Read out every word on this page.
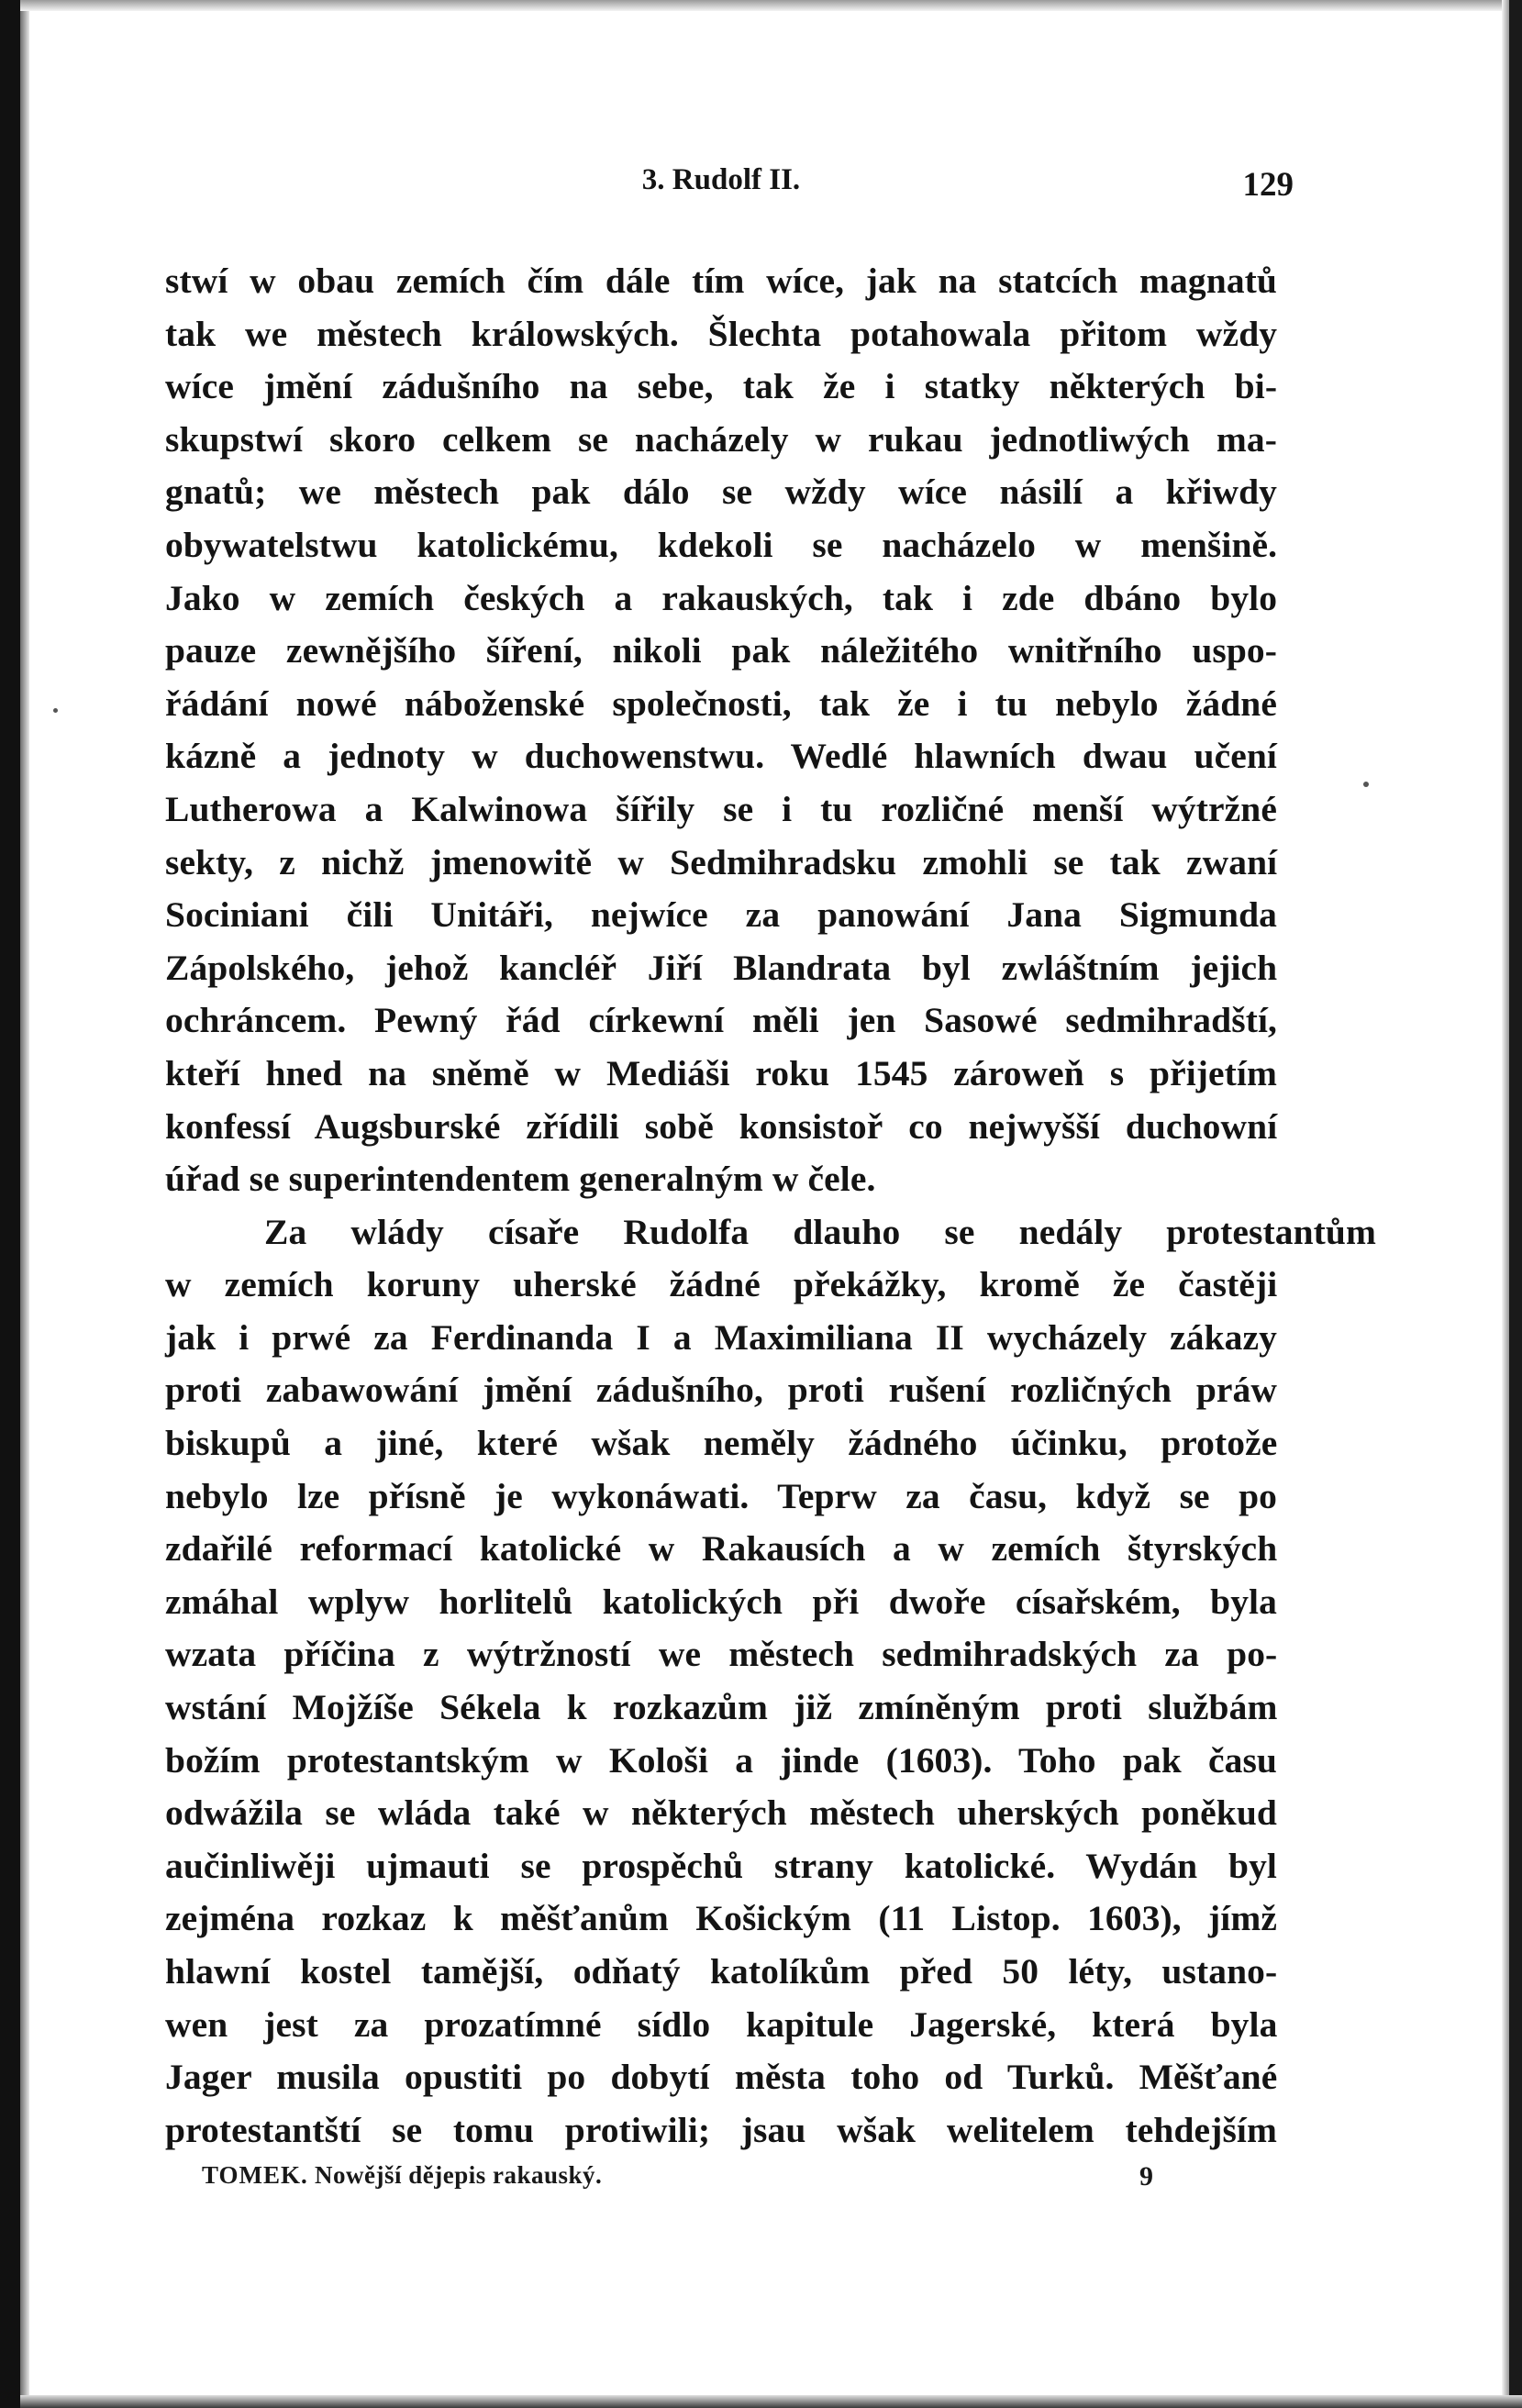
3. Rudolf II.	129
stwí w obau zemích čím dále tím wíce, jak na statcích magnatů
tak we městech králowských. Šlechta potahowala přitom wždy
wíce jmění zádušního na sebe, tak že i statky některých bi-
skupstwí skoro celkem se nacházely w rukau jednotliwých ma-
gnatů; we městech pak dálo se wždy wíce násilí a křiwdy
obywatelstwu katolickému, kdekoli se nacházelo w menšině.
Jako w zemích českých a rakauských, tak i zde dbáno bylo
pauze zewnějšího šíření, nikoli pak náležitého wnitřního uspo-
řádání nowé náboženské společnosti, tak že i tu nebylo žádné
kázně a jednoty w duchowenstwu. Wedlé hlawních dwau učení
Lutherowa a Kalwinowa šířily se i tu rozličné menší wýtržné
sekty, z nichž jmenowitě w Sedmihradsku zmohli se tak zwaní
Sociniani čili Unitáři, nejwíce za panowání Jana Sigmunda
Zápolského, jehož kancléř Jiří Blandrata byl zwláštním jejich
ochráncem. Pewný řád církewní měli jen Sasowé sedmihradští,
kteří hned na sněmě w Mediáši roku 1545 zároweň s přijetím
konfessí Augsburské zřídili sobě konsistoř co nejwyšší duchowní
úřad se superintendentem generalným w čele.
Za wlády císaře Rudolfa dlauho se nedály protestantům
w zemích koruny uherské žádné překážky, kromě že častěji
jak i prwé za Ferdinanda I a Maximiliana II wycházely zákazy
proti zabawowání jmění zádušního, proti rušení rozličných práw
biskupů a jiné, které wšak neměly žádného účinku, protože
nebylo lze přísně je wykonáwati. Teprw za času, když se po
zdařilé reformací katolické w Rakausích a w zemích štyrských
zmáhal wplyw horlitelů katolických při dwoře císařském, byla
wzata příčina z wýtržností we městech sedmihradských za po-
wstání Mojžíše Sékela k rozkazům již zmíněným proti službám
božím protestantským w Kološi a jinde (1603). Toho pak času
odwážila se wláda také w některých městech uherských poněkud
aučinliwěji ujmauti se prospěchů strany katolické. Wydán byl
zejména rozkaz k měšťanům Košickým (11 Listop. 1603), jímž
hlawní kostel tamější, odňatý katolíkům před 50 léty, ustano-
wen jest za prozatímné sídlo kapitule Jagerské, která byla
Jager musila opustiti po dobytí města toho od Turků. Měšťané
protestantští se tomu protiwili; jsau wšak welitelem tehdejším
TOMEK. Nowější dějepis rakauský.	9
